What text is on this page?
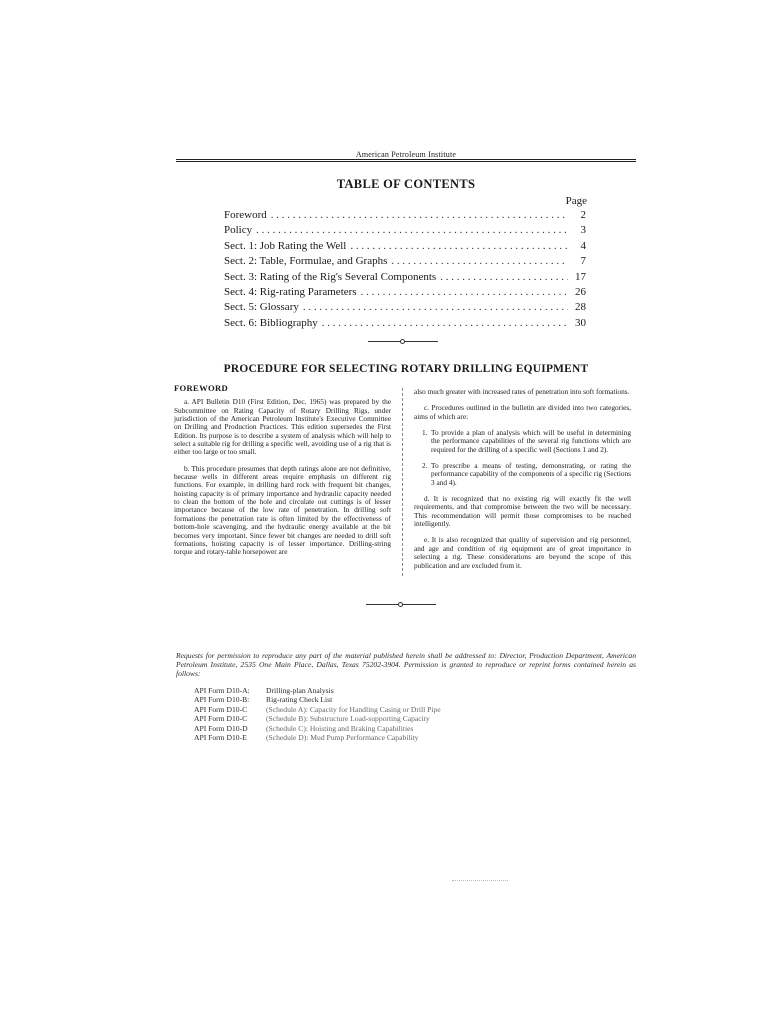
American Petroleum Institute
TABLE OF CONTENTS
Page
Foreword . . .	2
Policy . . .	3
Sect. 1: Job Rating the Well . . .	4
Sect. 2: Table, Formulae, and Graphs . . .	7
Sect. 3: Rating of the Rig's Several Components . . .	17
Sect. 4: Rig-rating Parameters . . .	26
Sect. 5: Glossary . . .	28
Sect. 6: Bibliography . . .	30
PROCEDURE FOR SELECTING ROTARY DRILLING EQUIPMENT
FOREWORD

a. API Bulletin D10 (First Edition, Dec. 1965) was prepared by the Subcommittee on Rating Capacity of Rotary Drilling Rigs, under jurisdiction of the American Petroleum Institute's Executive Committee on Drilling and Production Practices. This edition supersedes the First Edition. Its purpose is to describe a system of analysis which will help to select a suitable rig for drilling a specific well, avoiding use of a rig that is either too large or too small.

b. This procedure presumes that depth ratings alone are not definitive, because wells in different areas require emphasis on different rig functions. For example, in drilling hard rock with frequent bit changes, hoisting capacity is of primary importance and hydraulic capacity needed to clean the bottom of the hole and circulate out cuttings is of lesser importance because of the low rate of penetration. In drilling soft formations the penetration rate is often limited by the effectiveness of bottom-hole scavenging, and the hydraulic energy available at the bit becomes very important. Since fewer bit changes are needed to drill soft formations, hoisting capacity is of lesser importance. Drilling-string torque and rotary-table horsepower are

also much greater with increased rates of penetration into soft formations.

c. Procedures outlined in the bulletin are divided into two categories, aims of which are:

1. To provide a plan of analysis which will be useful in determining the performance capabilities of the several rig functions which are required for the drilling of a specific well (Sections 1 and 2).
2. To prescribe a means of testing, demonstrating, or rating the performance capability of the components of a specific rig (Sections 3 and 4).

d. It is recognized that no existing rig will exactly fit the well requirements, and that compromise between the two will be necessary. This recommendation will permit those compromises to be reached intelligently.

e. It is also recognized that quality of supervision and rig personnel, and age and condition of rig equipment are of great importance in selecting a rig. These considerations are beyond the scope of this publication and are excluded from it.

Requests for permission to reproduce any part of the material published herein shall be addressed to: Director, Production Department, American Petroleum Institute, 2535 One Main Place, Dallas, Texas 75202-3904. Permission is granted to reproduce or reprint forms contained herein as follows:
API Form D10-A:	Drilling-plan Analysis
API Form D10-B:	Rig-rating Check List
API Form D10-C	(Schedule A): Capacity for Handling Casing or Drill Pipe
API Form D10-C	(Schedule B): Substructure Load-supporting Capacity
API Form D10-D	(Schedule C): Hoisting and Braking Capabilities
API Form D10-E	(Schedule D): Mud Pump Performance Capability
